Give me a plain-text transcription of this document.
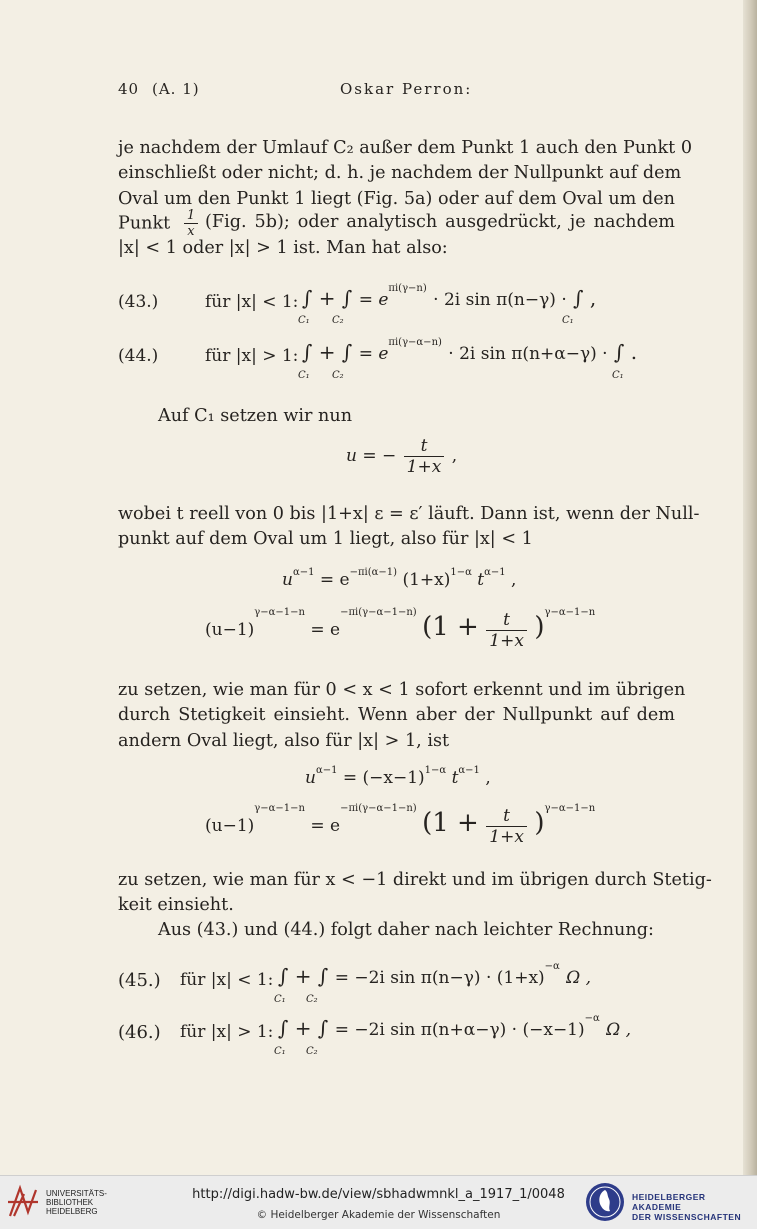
40 (A. 1)	Oskar Perron:
je nachdem der Umlauf C₂ außer dem Punkt 1 auch den Punkt 0
einschließt oder nicht; d. h. je nachdem der Nullpunkt auf dem
Oval um den Punkt 1 liegt (Fig. 5a) oder auf dem Oval um den
Punkt $\frac{1}{x} (Fig$. 5b); oder analytisch ausgedrückt, je nachdem
|x| < 1 oder |x| > 1 ist. Man hat also:
(43.)	für |x| < 1: ∫ + ∫ = $e^{\pi i(\gamma-n)} \cdot 2i$ sin π(n−γ) · ∫ ,
C₁ C₂	C₁
(44.)	für |x| > 1: ∫ + ∫ = $e^{\pi i(\gamma-\alpha-n)} \cdot 2i$ sin π(n+α−γ) · ∫ .
C₁ C₂	C₁
Auf C₁ setzen wir nun
u = − $\frac{t}{1+x}$ ,
wobei t reell von 0 bis |1+x| ε = ε′ läuft. Dann ist, wenn der Null-
punkt auf dem Oval um 1 liegt, also für |x| < 1
$u^{\alpha-1} = e^{-\pi i(\alpha-1)}$ $(1+x)^{1-\alpha}$ $t^{\alpha-1}$ ,
$(u-1)^{\gamma-\alpha-1-n} = e^{-\pi i(\gamma-\alpha-1-n)}$ $(1 + \frac{t}{1+x} )^{\gamma-\alpha-1-n}$
zu setzen, wie man für 0 < x < 1 sofort erkennt und im übrigen
durch Stetigkeit einsieht. Wenn aber der Nullpunkt auf dem
andern Oval liegt, also für |x| > 1, ist
$u^{\alpha-1} = (-x-1)^{1-\alpha}$ $t^{\alpha-1}$ ,
$(u-1)^{\gamma-\alpha-1-n} = e^{-\pi i(\gamma-\alpha-1-n)}$ $(1 + \frac{t}{1+x} )^{\gamma-\alpha-1-n}$
zu setzen, wie man für x < −1 direkt und im übrigen durch Stetig-
keit einsieht.
Aus (43.) und (44.) folgt daher nach leichter Rechnung:
(45.) für |x| < 1: ∫ + ∫ = −2i $\sin \pi(n-\gamma) \cdot (1+x)^{-\alpha}$ Ω ,
C₁ C₂
(46.) für |x| > 1: ∫ + ∫ = −2i $\sin \pi(n+\alpha-\gamma) \cdot (-x-1)^{-\alpha}$ Ω ,
C₁ C₂
UNIVERSITÄTS-
BIBLIOTHEK
HEIDELBERG
http://digi.hadw-bw.de/view/sbhadwmnkl_a_1917_1/0048
© Heidelberger Akademie der Wissenschaften
HEIDELBERGER AKADEMIE
DER WISSENSCHAFTEN
